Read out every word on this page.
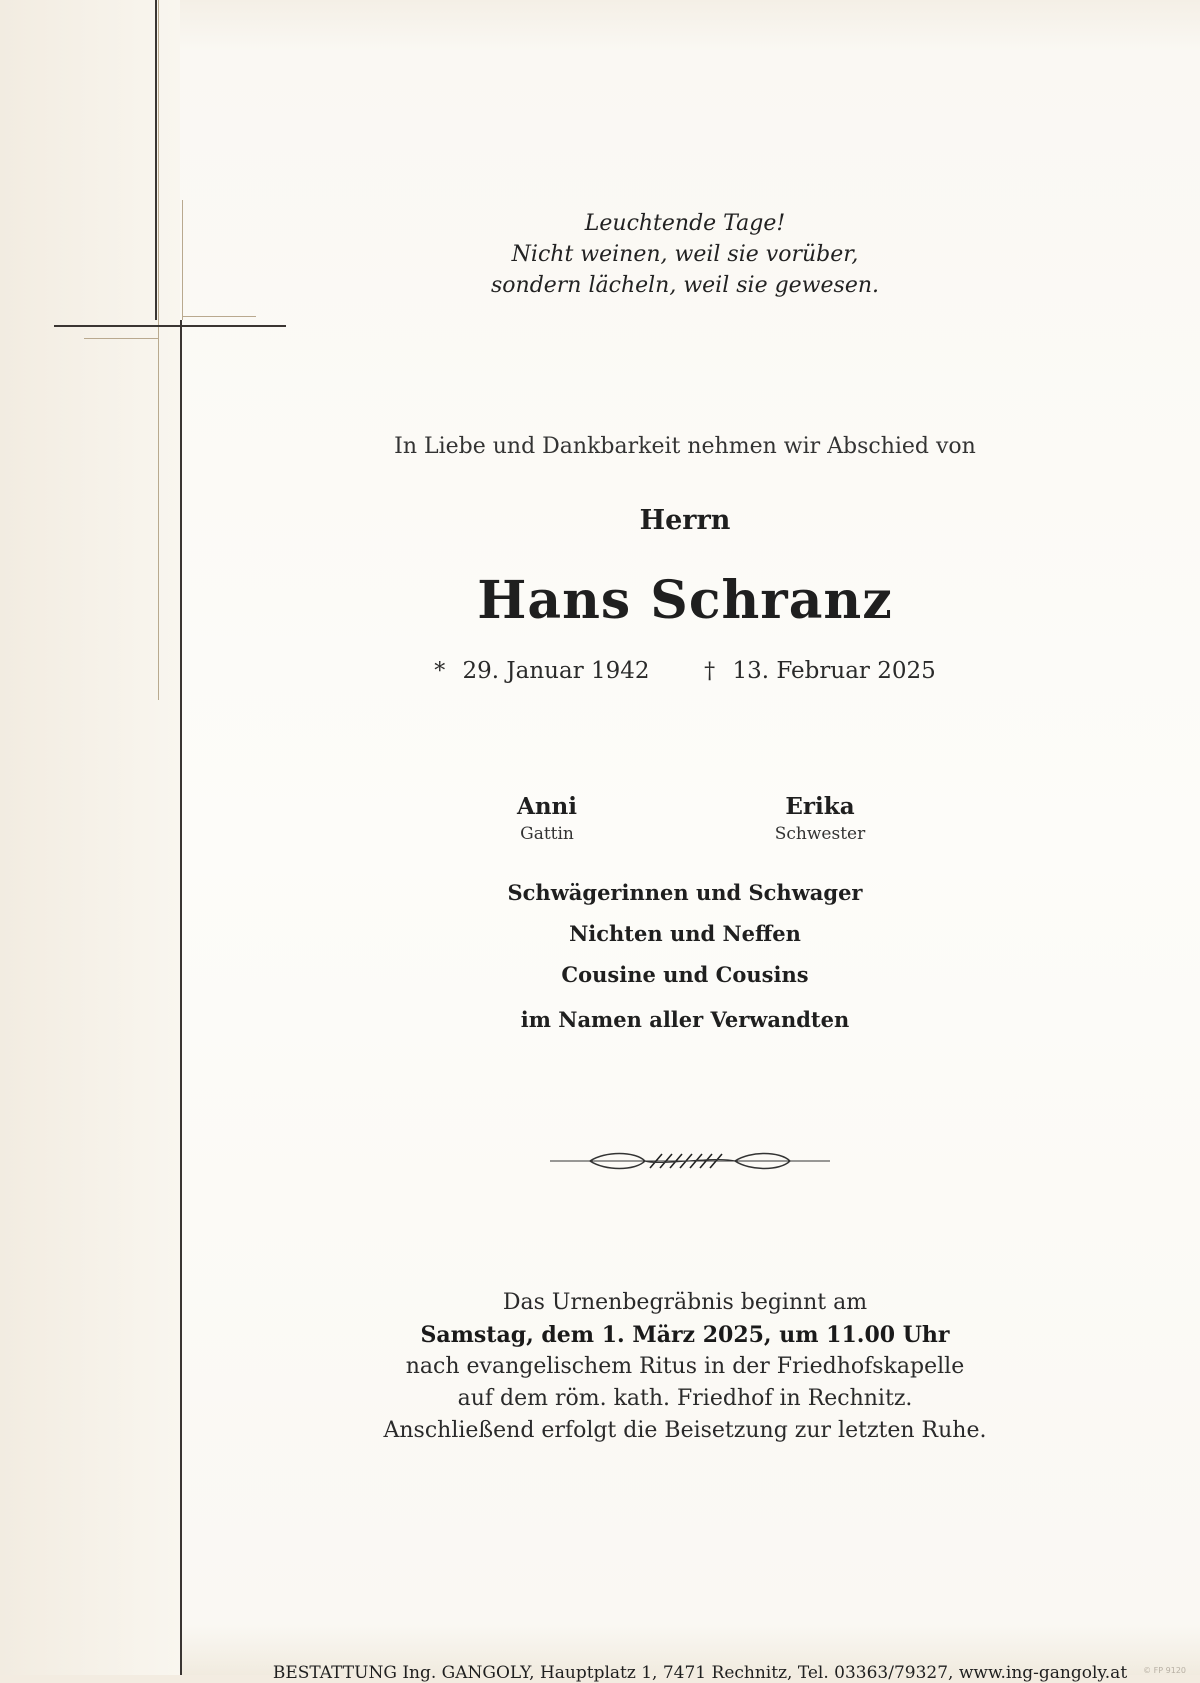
Leuchtende Tage!
Nicht weinen, weil sie vorüber,
sondern lächeln, weil sie gewesen.
In Liebe und Dankbarkeit nehmen wir Abschied von
Herrn
Hans Schranz
* 29. Januar 1942 † 13. Februar 2025
Anni
Gattin
Erika
Schwester
Schwägerinnen und Schwager
Nichten und Neffen
Cousine und Cousins
im Namen aller Verwandten
Das Urnenbegräbnis beginnt am
Samstag, dem 1. März 2025, um 11.00 Uhr
nach evangelischem Ritus in der Friedhofskapelle
auf dem röm. kath. Friedhof in Rechnitz.
Anschließend erfolgt die Beisetzung zur letzten Ruhe.
BESTATTUNG Ing. GANGOLY, Hauptplatz 1, 7471 Rechnitz, Tel. 03363/79327, www.ing-gangoly.at	© FP 9120
